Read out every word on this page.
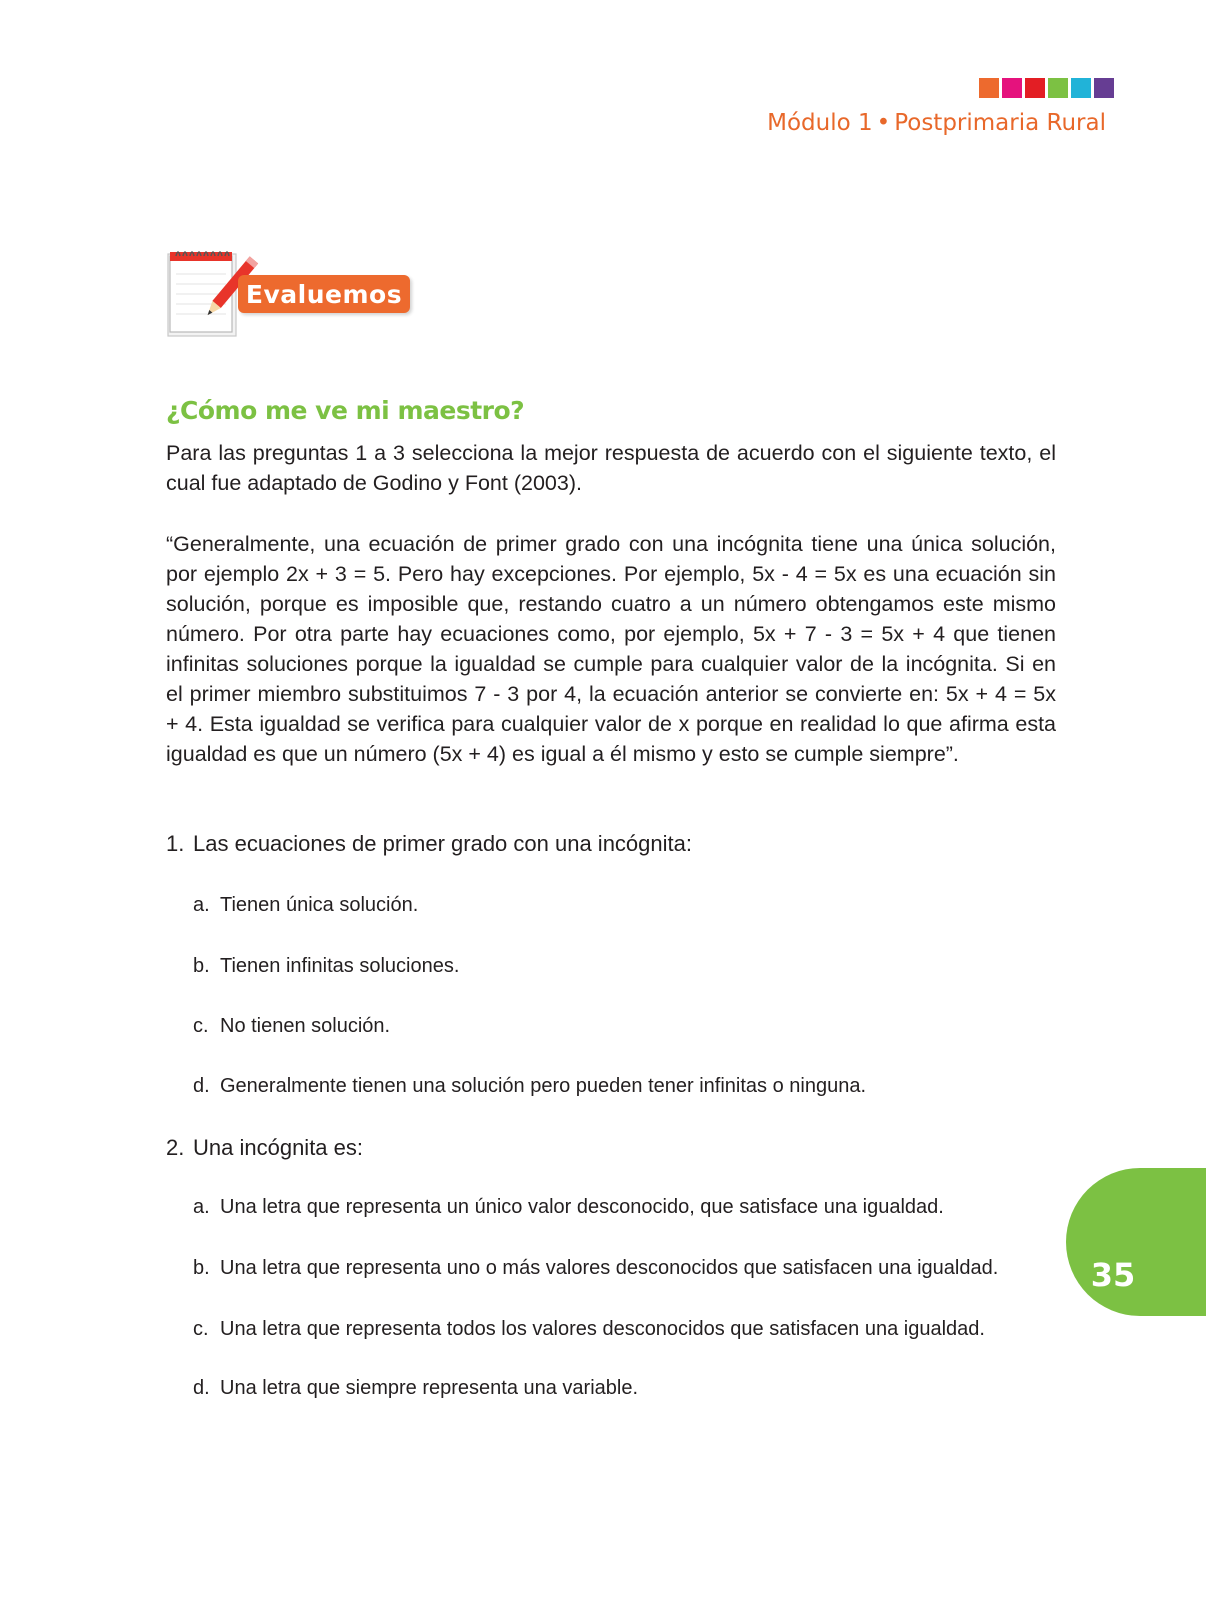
Módulo 1 • Postprimaria Rural
Evaluemos
¿Cómo me ve mi maestro?
Para las preguntas 1 a 3 selecciona la mejor respuesta de acuerdo con el siguiente texto, el cual fue adaptado de Godino y Font (2003).
“Generalmente, una ecuación de primer grado con una incógnita tiene una única solución, por ejemplo 2x + 3 = 5. Pero hay excepciones. Por ejemplo, 5x - 4 = 5x es una ecuación sin solución, porque es imposible que, restando cuatro a un número obtengamos este mismo número. Por otra parte hay ecuaciones como, por ejemplo, 5x + 7 - 3 = 5x + 4 que tienen infinitas soluciones porque la igualdad se cumple para cualquier valor de la incógnita. Si en el primer miembro substituimos 7 - 3 por 4, la ecuación anterior se convierte en: 5x + 4 = 5x + 4. Esta igualdad se verifica para cualquier valor de x porque en realidad lo que afirma esta igualdad es que un número (5x + 4) es igual a él mismo y esto se cumple siempre”.
1. Las ecuaciones de primer grado con una incógnita:
a. Tienen única solución.
b. Tienen infinitas soluciones.
c. No tienen solución.
d. Generalmente tienen una solución pero pueden tener infinitas o ninguna.
2. Una incógnita es:
a. Una letra que representa un único valor desconocido, que satisface una igualdad.
b. Una letra que representa uno o más valores desconocidos que satisfacen una igualdad.
c. Una letra que representa todos los valores desconocidos que satisfacen una igualdad.
d. Una letra que siempre representa una variable.
35
